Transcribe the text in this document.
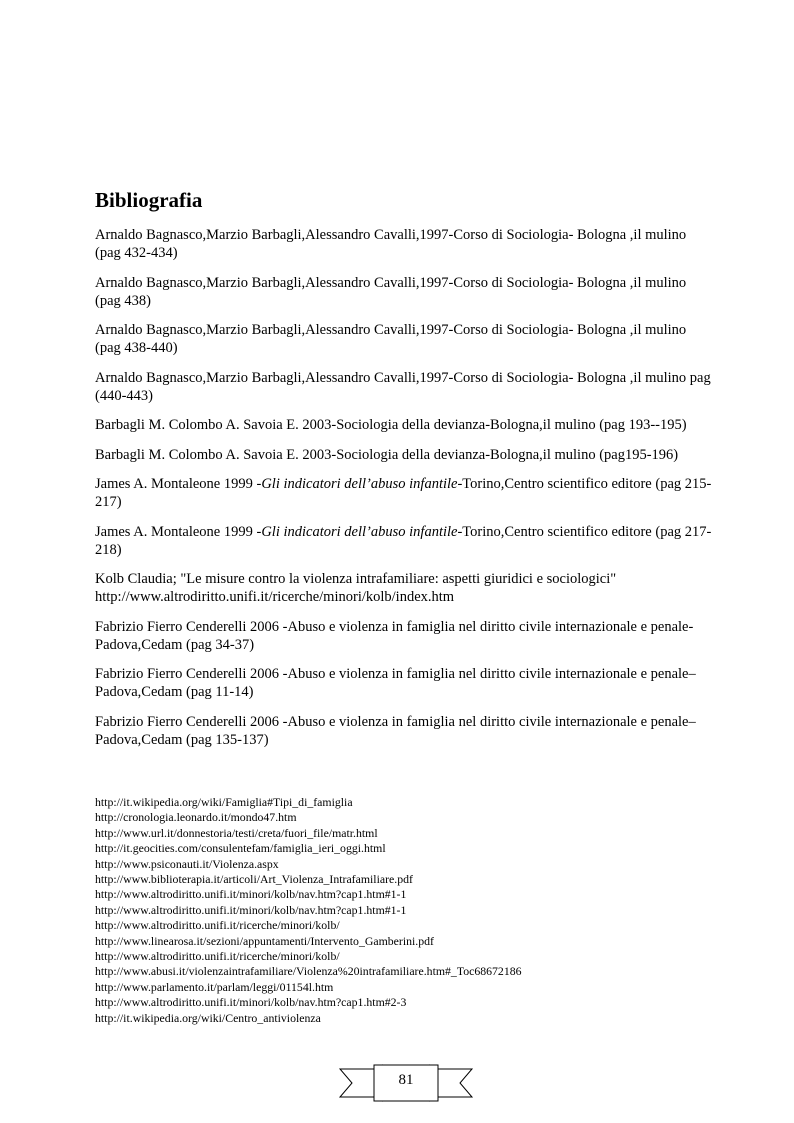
Bibliografia

Arnaldo Bagnasco,Marzio Barbagli,Alessandro Cavalli,1997-Corso di Sociologia- Bologna ,il mulino (pag 432-434)

Arnaldo Bagnasco,Marzio Barbagli,Alessandro Cavalli,1997-Corso di Sociologia- Bologna ,il mulino (pag 438)

Arnaldo Bagnasco,Marzio Barbagli,Alessandro Cavalli,1997-Corso di Sociologia- Bologna ,il mulino (pag 438-440)

Arnaldo Bagnasco,Marzio Barbagli,Alessandro Cavalli,1997-Corso di Sociologia- Bologna ,il mulino pag (440-443)

Barbagli M. Colombo A. Savoia E. 2003-Sociologia della devianza-Bologna,il mulino (pag 193--195)

Barbagli M. Colombo A. Savoia E. 2003-Sociologia della devianza-Bologna,il mulino (pag195-196)

James A. Montaleone 1999 -Gli indicatori dell’abuso infantile-Torino,Centro scientifico editore (pag 215-217)

James A. Montaleone 1999 -Gli indicatori dell’abuso infantile-Torino,Centro scientifico editore (pag 217- 218)

Kolb Claudia; "Le misure contro la violenza intrafamiliare: aspetti giuridici e sociologici" http://www.altrodiritto.unifi.it/ricerche/minori/kolb/index.htm

Fabrizio Fierro Cenderelli 2006 -Abuso e violenza in famiglia nel diritto civile internazionale e penale-Padova,Cedam (pag 34-37)

Fabrizio Fierro Cenderelli 2006 -Abuso e violenza in famiglia nel diritto civile internazionale e penale–Padova,Cedam (pag 11-14)

Fabrizio Fierro Cenderelli 2006 -Abuso e violenza in famiglia nel diritto civile internazionale e penale–Padova,Cedam (pag 135-137)

http://it.wikipedia.org/wiki/Famiglia#Tipi_di_famiglia
http://cronologia.leonardo.it/mondo47.htm
http://www.url.it/donnestoria/testi/creta/fuori_file/matr.html
http://it.geocities.com/consulentefam/famiglia_ieri_oggi.html
http://www.psiconauti.it/Violenza.aspx
http://www.biblioterapia.it/articoli/Art_Violenza_Intrafamiliare.pdf
http://www.altrodiritto.unifi.it/minori/kolb/nav.htm?cap1.htm#1-1
http://www.altrodiritto.unifi.it/minori/kolb/nav.htm?cap1.htm#1-1
http://www.altrodiritto.unifi.it/ricerche/minori/kolb/
http://www.linearosa.it/sezioni/appuntamenti/Intervento_Gamberini.pdf
http://www.altrodiritto.unifi.it/ricerche/minori/kolb/
http://www.abusi.it/violenzaintrafamiliare/Violenza%20intrafamiliare.htm#_Toc68672186
http://www.parlamento.it/parlam/leggi/01154l.htm
http://www.altrodiritto.unifi.it/minori/kolb/nav.htm?cap1.htm#2-3
http://it.wikipedia.org/wiki/Centro_antiviolenza
81
